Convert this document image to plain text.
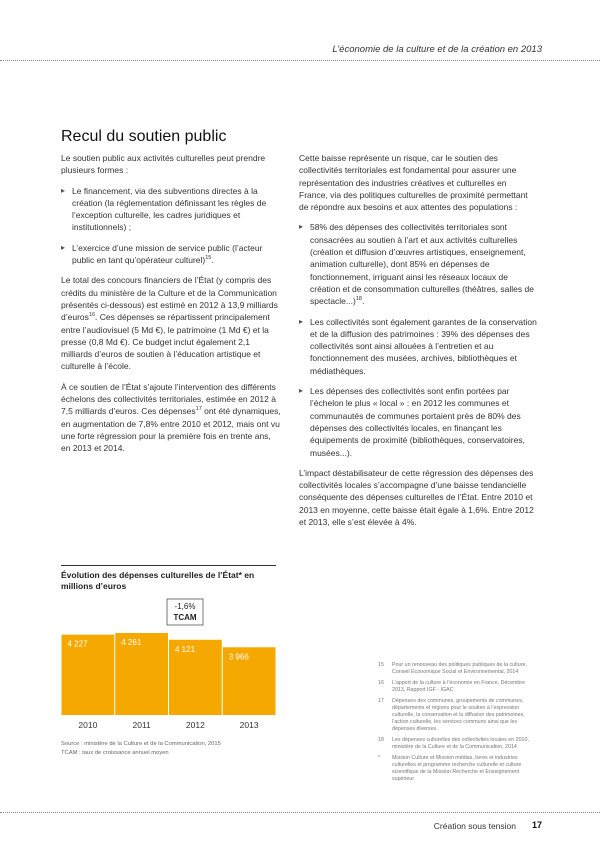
L’économie de la culture et de la création en 2013
Recul du soutien public

Le soutien public aux activités culturelles peut prendre plusieurs formes :

▸ Le financement, via des subventions directes à la création (la réglementation définissant les règles de l’exception culturelle, les cadres juridiques et institutionnels) ;
▸ L’exercice d’une mission de service public (l’acteur public en tant qu’opérateur culturel)$^{15}$.

Le total des concours financiers de l’État (y compris des crédits du ministère de la Culture et de la Communication présentés ci-dessous) est estimé en 2012 à 13,9 milliards d’euros$^{16}$. Ces dépenses se répartissent principalement entre l’audiovisuel (5 Md €), le patrimoine (1 Md €) et la presse (0,8 Md €). Ce budget inclut également 2,1 milliards d’euros de soutien à l’éducation artistique et culturelle à l’école.

À ce soutien de l’État s’ajoute l’intervention des différents échelons des collectivités territoriales, estimée en 2012 à 7,5 milliards d’euros. Ces dépenses$^{17}$ ont été dynamiques, en augmentation de 7,8% entre 2010 et 2012, mais ont vu une forte régression pour la première fois en trente ans, en 2013 et 2014.

Cette baisse représente un risque, car le soutien des collectivités territoriales est fondamental pour assurer une représentation des industries créatives et culturelles en France, via des politiques culturelles de proximité permettant de répondre aux besoins et aux attentes des populations :

▸ 58% des dépenses des collectivités territoriales sont consacrées au soutien à l’art et aux activités culturelles (création et diffusion d’œuvres artistiques, enseignement, animation culturelle), dont 85% en dépenses de fonctionnement, irriguant ainsi les réseaux locaux de création et de consommation culturelles (théâtres, salles de spectacle...)$^{18}$.
▸ Les collectivités sont également garantes de la conservation et de la diffusion des patrimoines : 39% des dépenses des collectivités sont ainsi allouées à l’entretien et au fonctionnement des musées, archives, bibliothèques et médiathèques.
▸ Les dépenses des collectivités sont enfin portées par l’échelon le plus « local » : en 2012 les communes et communautés de communes portaient près de 80% des dépenses des collectivités locales, en finançant les équipements de proximité (bibliothèques, conservatoires, musées...).

L’impact déstabilisateur de cette régression des dépenses des collectivités locales s’accompagne d’une baisse tendancielle conséquente des dépenses culturelles de l’État. Entre 2010 et 2013 en moyenne, cette baisse était égale à 1,6%. Entre 2012 et 2013, elle s’est élevée à 4%.

Évolution des dépenses culturelles de l’État* en millions d’euros
4 227
2010
4 261
2011
4 121
2012
3 966
2013
-1,6%
TCAM
Source : ministère de la Culture et de la Communication, 2015
TCAM : taux de croissance annuel moyen
15	Pour un renouveau des politiques publiques de la culture, Conseil Économique Social et Environnemental, 2014
16	L’apport de la culture à l’économie en France, Décembre 2013, Rapport IGF - IGAC
17	Dépenses des communes, groupements de communes, départements et régions pour le soutien à l’expression culturelle, la conservation et la diffusion des patrimoines, l’action culturelle, les services communs ainsi que les dépenses diverses.
18	Les dépenses culturelles des collectivités locales en 2010, ministère de la Culture et de la Communication, 2014
*	Mission Culture et Mission médias, livres et industries culturelles et programme recherche culturelle et culture scientifique de la Mission Recherche et Enseignement supérieur
Création sous tension 17
